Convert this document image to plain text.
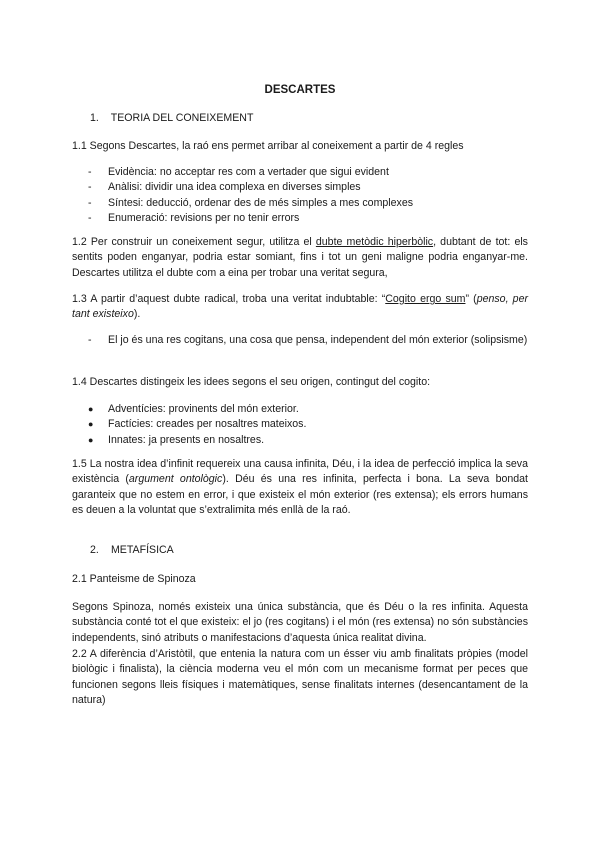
DESCARTES
1. TEORIA DEL CONEIXEMENT
1.1 Segons Descartes, la raó ens permet arribar al coneixement a partir de 4 regles
- Evidència: no acceptar res com a vertader que sigui evident
- Anàlisi: dividir una idea complexa en diverses simples
- Síntesi: deducció, ordenar des de més simples a mes complexes
- Enumeració: revisions per no tenir errors
1.2 Per construir un coneixement segur, utilitza el dubte metòdic hiperbòlic, dubtant de tot: els sentits poden enganyar, podria estar somiant, fins i tot un geni maligne podria enganyar-me. Descartes utilitza el dubte com a eina per trobar una veritat segura,
1.3 A partir d’aquest dubte radical, troba una veritat indubtable: “Cogito ergo sum” (penso, per tant existeixo).
- El jo és una res cogitans, una cosa que pensa, independent del món exterior (solipsisme)
1.4 Descartes distingeix les idees segons el seu origen, contingut del cogito:
● Adventícies: provinents del món exterior.
● Factícies: creades per nosaltres mateixos.
● Innates: ja presents en nosaltres.
1.5 La nostra idea d’infinit requereix una causa infinita, Déu, i la idea de perfecció implica la seva existència (argument ontològic). Déu és una res infinita, perfecta i bona. La seva bondat garanteix que no estem en error, i que existeix el món exterior (res extensa); els errors humans es deuen a la voluntat que s’extralimita més enllà de la raó.
2. METAFÍSICA
2.1 Panteisme de Spinoza
Segons Spinoza, només existeix una única substància, que és Déu o la res infinita. Aquesta substància conté tot el que existeix: el jo (res cogitans) i el món (res extensa) no són substàncies independents, sinó atributs o manifestacions d’aquesta única realitat divina.
2.2 A diferència d’Aristòtil, que entenia la natura com un ésser viu amb finalitats pròpies (model biològic i finalista), la ciència moderna veu el món com un mecanisme format per peces que funcionen segons lleis físiques i matemàtiques, sense finalitats internes (desencantament de la natura)
